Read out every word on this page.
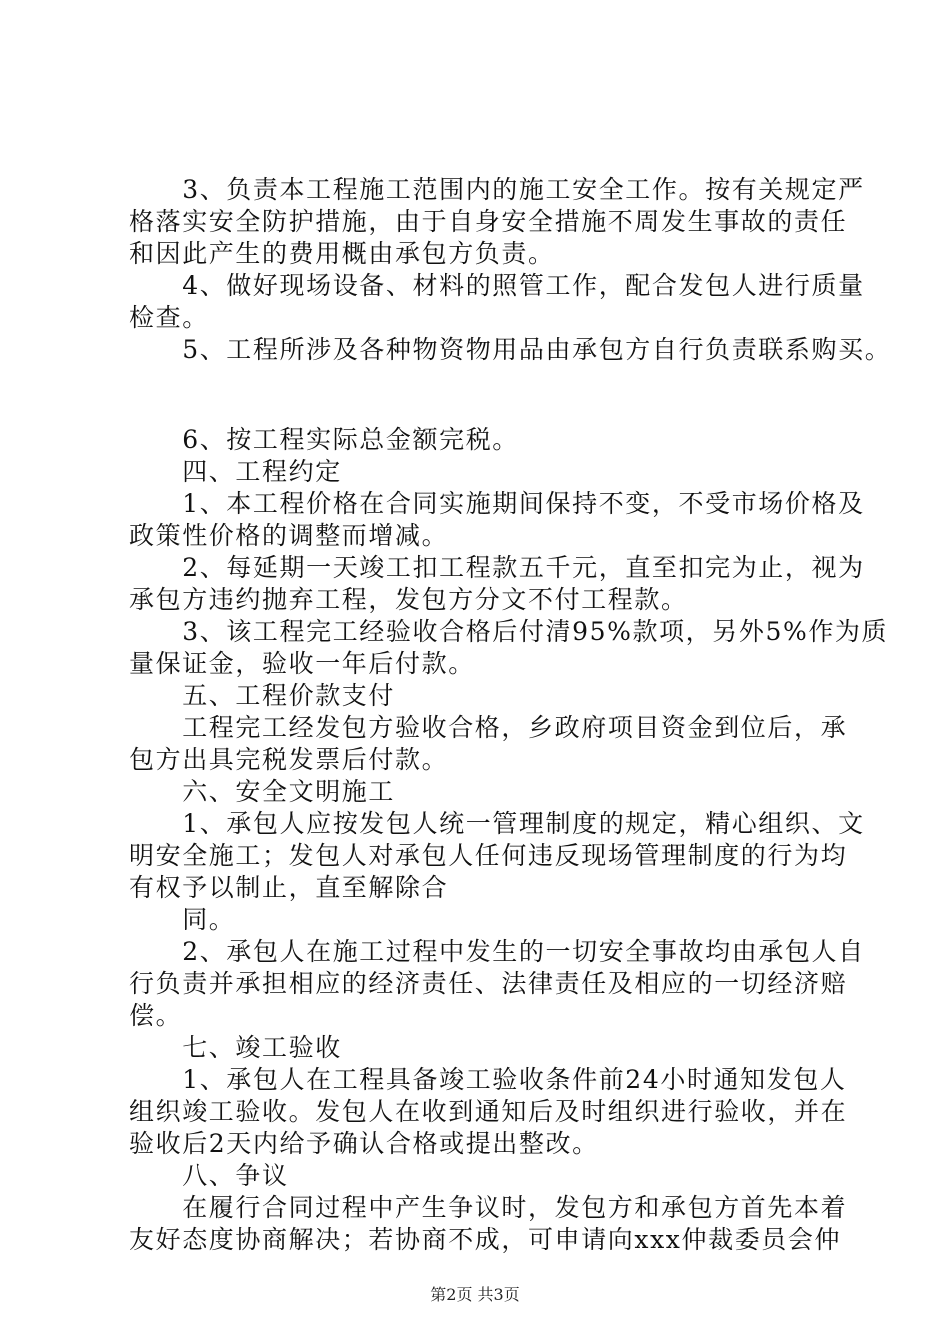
　　3、负责本工程施工范围内的施工安全工作。按有关规定严
格落实安全防护措施，由于自身安全措施不周发生事故的责任
和因此产生的费用概由承包方负责。
　　4、做好现场设备、材料的照管工作，配合发包人进行质量
检查。
　　5、工程所涉及各种物资物用品由承包方自行负责联系购买。
　　6、按工程实际总金额完税。
　　四、工程约定
　　1、本工程价格在合同实施期间保持不变，不受市场价格及
政策性价格的调整而增减。
　　2、每延期一天竣工扣工程款五千元，直至扣完为止，视为
承包方违约抛弃工程，发包方分文不付工程款。
　　3、该工程完工经验收合格后付清95%款项，另外5%作为质
量保证金，验收一年后付款。
　　五、工程价款支付
　　工程完工经发包方验收合格，乡政府项目资金到位后，承
包方出具完税发票后付款。
　　六、安全文明施工
　　1、承包人应按发包人统一管理制度的规定，精心组织、文
明安全施工；发包人对承包人任何违反现场管理制度的行为均
有权予以制止，直至解除合
　　同。
　　2、承包人在施工过程中发生的一切安全事故均由承包人自
行负责并承担相应的经济责任、法律责任及相应的一切经济赔
偿。
　　七、竣工验收
　　1、承包人在工程具备竣工验收条件前24小时通知发包人
组织竣工验收。发包人在收到通知后及时组织进行验收，并在
验收后2天内给予确认合格或提出整改。
　　八、争议
　　在履行合同过程中产生争议时，发包方和承包方首先本着
友好态度协商解决；若协商不成，可申请向xxx仲裁委员会仲
第2页 共3页
